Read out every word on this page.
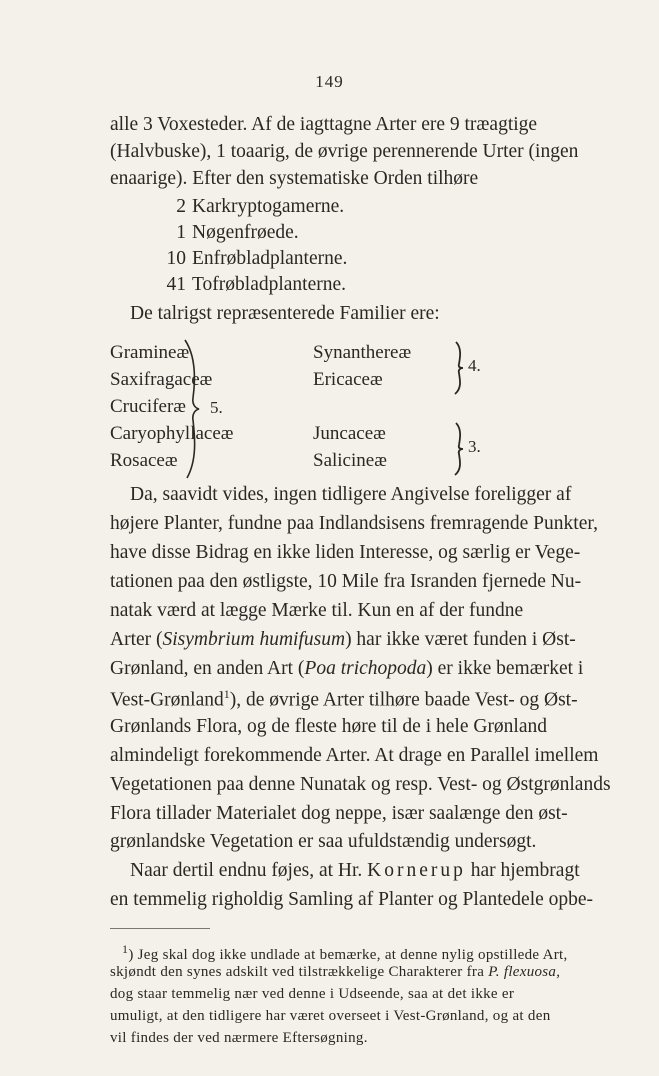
149
alle 3 Voxesteder. Af de iagttagne Arter ere 9 træagtige
(Halvbuske), 1 toaarig, de øvrige perennerende Urter (ingen
enaarige). Efter den systematiske Orden tilhøre
2 Karkryptogamerne.
1 Nøgenfrøede.
10 Enfrøbladplanterne.
41 Tofrøbladplanterne.
De talrigst repræsenterede Familier ere:
Gramineæ
Saxifragaceæ
Cruciferæ
Caryophyllaceæ
Rosaceæ
5.
Synanthereæ
Ericaceæ
4.
Juncaceæ
Salicineæ
3.
Da, saavidt vides, ingen tidligere Angivelse foreligger af
højere Planter, fundne paa Indlandsisens fremragende Punkter,
have disse Bidrag en ikke liden Interesse, og særlig er Vege-
tationen paa den østligste, 10 Mile fra Isranden fjernede Nu-
natak værd at lægge Mærke til. Kun en af der fundne
Arter (Sisymbrium humifusum) har ikke været funden i Øst-
Grønland, en anden Art (Poa trichopoda) er ikke bemærket i
Vest-Grønland$^1$), de øvrige Arter tilhøre baade Vest- og Øst-
Grønlands Flora, og de fleste høre til de i hele Grønland
almindeligt forekommende Arter. At drage en Parallel imellem
Vegetationen paa denne Nunatak og resp. Vest- og Østgrønlands
Flora tillader Materialet dog neppe, især saalænge den øst-
grønlandske Vegetation er saa ufuldstændig undersøgt.
Naar dertil endnu føjes, at Hr. Kornerup har hjembragt
en temmelig righoldig Samling af Planter og Plantedele opbe-
$^1$) Jeg skal dog ikke undlade at bemærke, at denne nylig opstillede Art,
skjøndt den synes adskilt ved tilstrækkelige Charakterer fra P. flexuosa,
dog staar temmelig nær ved denne i Udseende, saa at det ikke er
umuligt, at den tidligere har været overseet i Vest-Grønland, og at den
vil findes der ved nærmere Eftersøgning.
